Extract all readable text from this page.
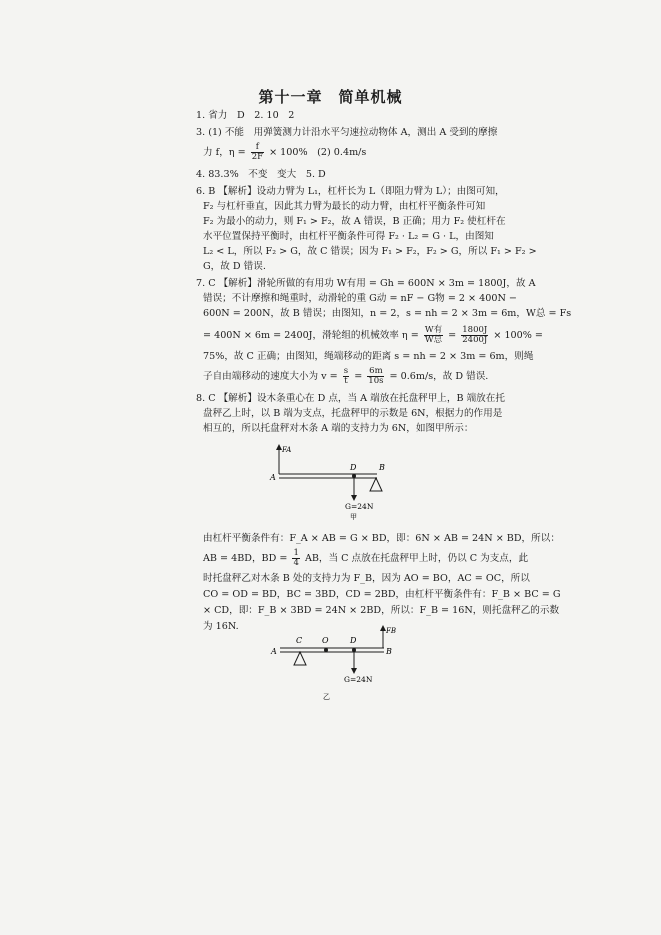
第十一章　简单机械
1. 省力　D　2. 10　2
3. (1) 不能　用弹簧测力计沿水平匀速拉动物体 A，测出 A 受到的摩擦
力 f，$\eta = \frac{f}{2F} \times 100\%$　(2) 0.4m/s
4. 83.3%　不变　变大　5. D
6. B 【解析】设动力臂为 L₁，杠杆长为 L（即阻力臂为 L）；由图可知，
F₂ 与杠杆垂直，因此其力臂为最长的动力臂，由杠杆平衡条件可知
F₂ 为最小的动力，则 F₁ > F₂，故 A 错误，B 正确；用力 F₂ 使杠杆在
水平位置保持平衡时，由杠杆平衡条件可得 F₂ · L₂ = G · L，由图知
L₂ < L，所以 F₂ > G，故 C 错误；因为 F₁ > F₂，F₂ > G，所以 F₁ > F₂ >
G，故 D 错误.
7. C 【解析】滑轮所做的有用功 W有用 = Gh = 600N × 3m = 1800J，故 A
错误；不计摩擦和绳重时，动滑轮的重 G动 = nF − G物 = 2 × 400N −
600N = 200N，故 B 错误；由图知，n = 2，s = nh = 2 × 3m = 6m，W总 = Fs
= 400N × 6m = 2400J，滑轮组的机械效率 $\eta = \frac{\text{W有}}{\text{W总}} = \frac{1800J}{2400J} \times 100\%$ =
75%，故 C 正确；由图知，绳端移动的距离 s = nh = 2 × 3m = 6m，则绳
子自由端移动的速度大小为 $v = \frac{s}{t} = \frac{6m}{10s} = 0.6m/s$，故 D 错误.
8. C 【解析】设木条重心在 D 点，当 A 端放在托盘秤甲上，B 端放在托
盘秤乙上时，以 B 端为支点，托盘秤甲的示数是 6N，根据力的作用是
相互的，所以托盘秤对木条 A 端的支持力为 6N，如图甲所示：
FA
A
D	B
G=24N
甲
由杠杆平衡条件有：F_A × AB = G × BD，即：6N × AB = 24N × BD，所以：
AB = 4BD，BD = $\frac{1}{4}$ AB，当 C 点放在托盘秤甲上时，仍以 C 为支点，此
时托盘秤乙对木条 B 处的支持力为 F_B，因为 AO = BO，AC = OC，所以
CO = OD = BD，BC = 3BD，CD = 2BD，由杠杆平衡条件有：F_B × BC = G
× CD，即：F_B × 3BD = 24N × 2BD，所以：F_B = 16N，则托盘秤乙的示数
为 16N.
A	B
C O	D
G=24N
FB
乙
